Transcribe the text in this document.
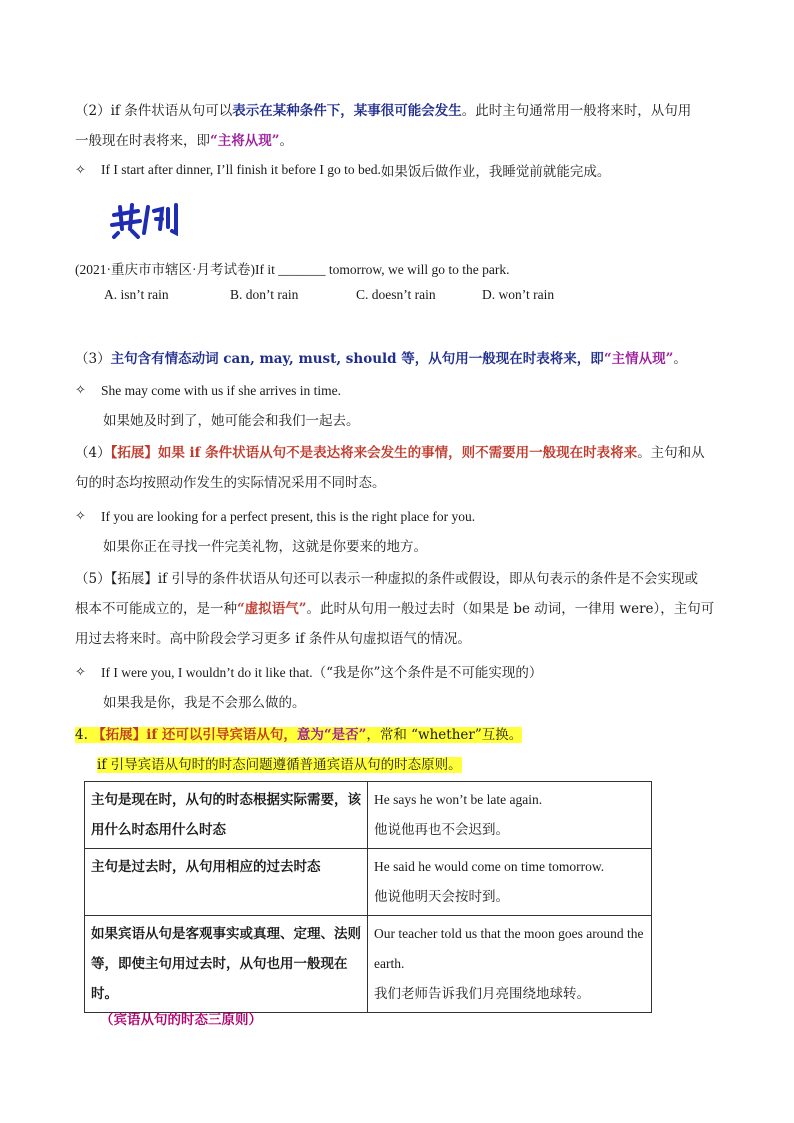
（2）if 条件状语从句可以表示在某种条件下，某事很可能会发生。此时主句通常用一般将来时，从句用
一般现在时表将来，即“主将从现”。
✧	If I start after dinner, I’ll finish it before I go to bed. 如果饭后做作业，我睡觉前就能完成。
(2021·重庆市市辖区·月考试卷)If it _______ tomorrow, we will go to the park.
A. isn’t rain	B. don’t rain	C. doesn’t rain	D. won’t rain
（3）主句含有情态动词 can, may, must, should 等，从句用一般现在时表将来，即“主情从现”。
✧	She may come with us if she arrives in time.
如果她及时到了，她可能会和我们一起去。
（4）【拓展】如果 if 条件状语从句不是表达将来会发生的事情，则不需要用一般现在时表将来。主句和从
句的时态均按照动作发生的实际情况采用不同时态。
✧	If you are looking for a perfect present, this is the right place for you.
如果你正在寻找一件完美礼物，这就是你要来的地方。
（5）【拓展】if 引导的条件状语从句还可以表示一种虚拟的条件或假设，即从句表示的条件是不会实现或
根本不可能成立的，是一种“虚拟语气”。此时从句用一般过去时（如果是 be 动词，一律用 were），主句可
用过去将来时。高中阶段会学习更多 if 条件从句虚拟语气的情况。
✧	If I were you, I wouldn’t do it like that. （“我是你”这个条件是不可能实现的）
如果我是你，我是不会那么做的。
4. 【拓展】if 还可以引导宾语从句，意为“是否”，常和 “whether”互换。
if 引导宾语从句时的时态问题遵循普通宾语从句的时态原则。
主句是现在时，从句的时态根据实际需要，该用什么时态用什么时态	He says he won’t be late again.
他说他再也不会迟到。

主句是过去时，从句用相应的过去时态	He said he would come on time tomorrow.
他说他明天会按时到。

如果宾语从句是客观事实或真理、定理、法则等，即使主句用过去时，从句也用一般现在时。	Our teacher told us that the moon goes around the earth.
我们老师告诉我们月亮围绕地球转。
（宾语从句的时态三原则）
